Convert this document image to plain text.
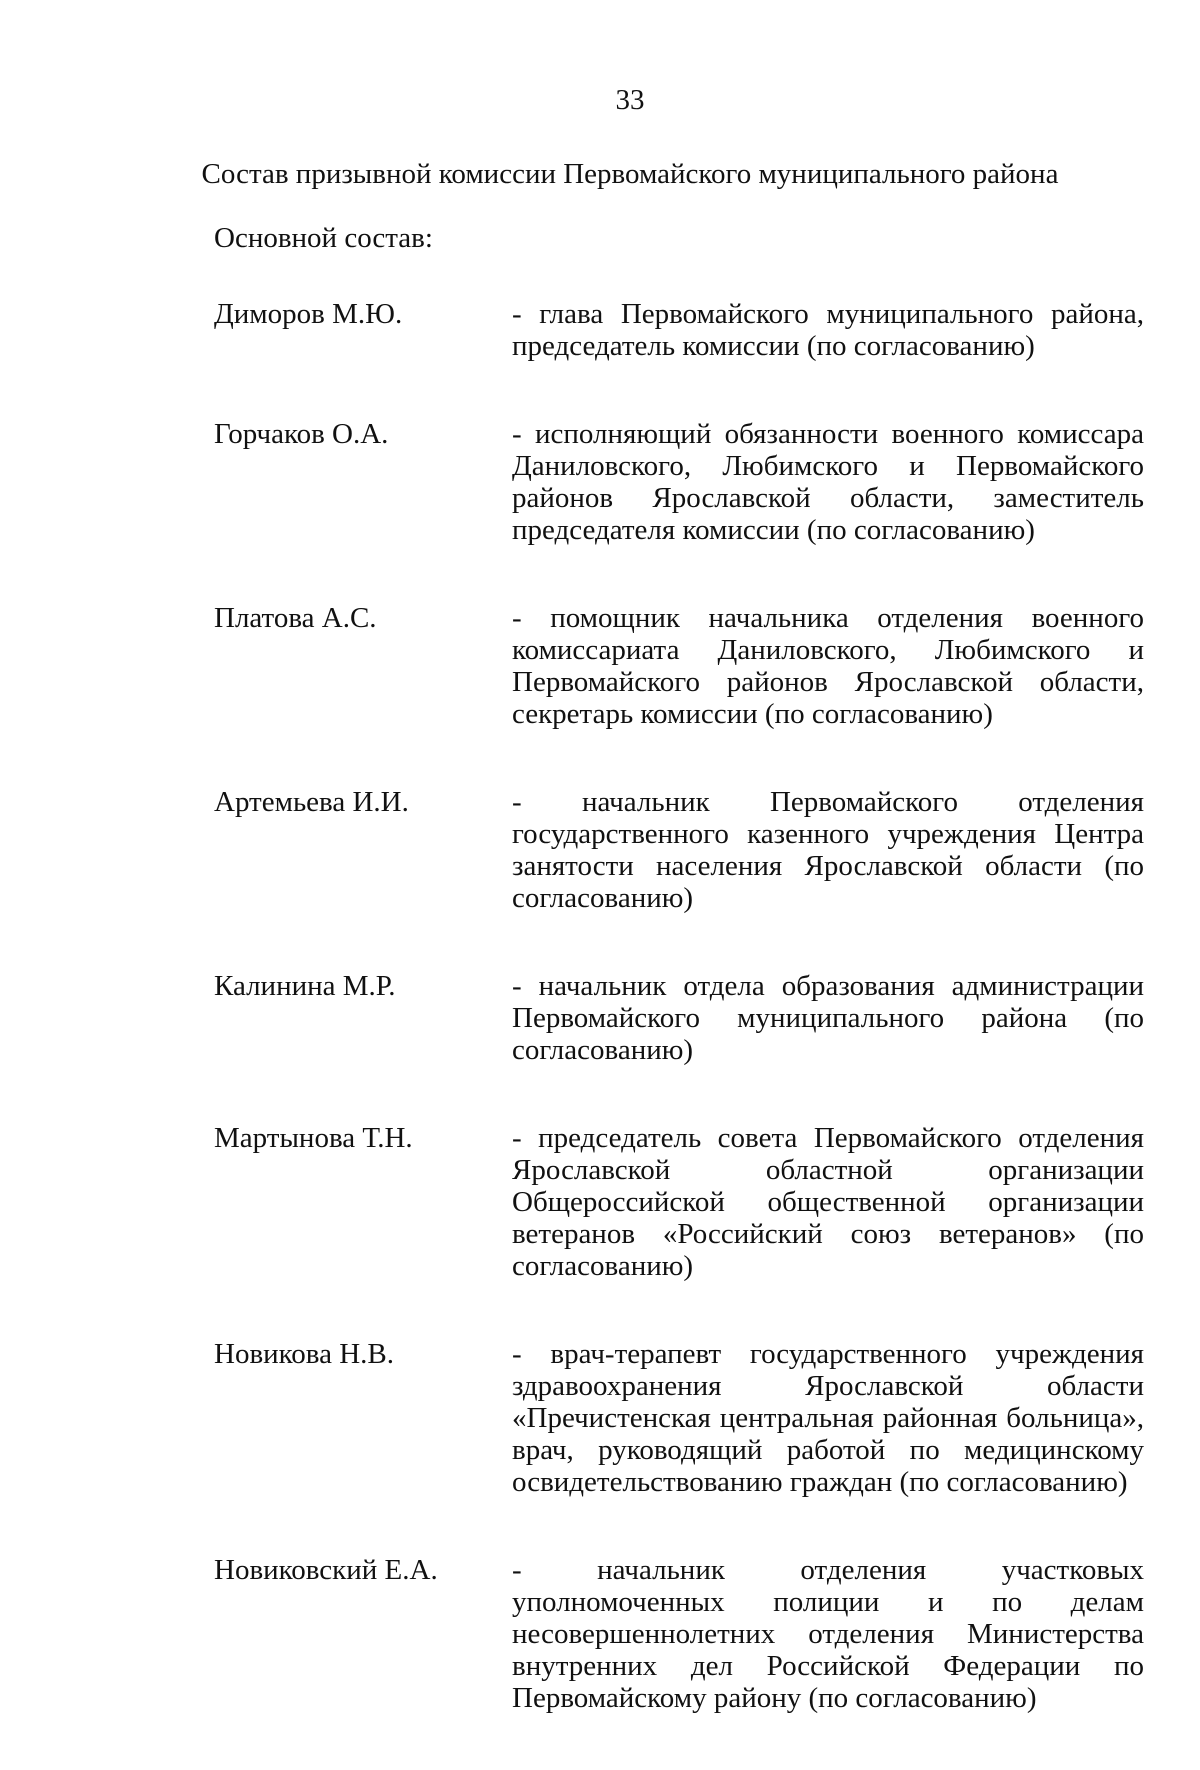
33
Состав призывной комиссии Первомайского муниципального района
Основной состав:
Диморов М.Ю.	- глава Первомайского муниципального района, председатель комиссии (по согласованию)
Горчаков О.А.	- исполняющий обязанности военного комиссара Даниловского, Любимского и Первомайского районов Ярославской области, заместитель председателя комиссии (по согласованию)
Платова А.С.	- помощник начальника отделения военного комиссариата Даниловского, Любимского и Первомайского районов Ярославской области, секретарь комиссии (по согласованию)
Артемьева И.И.	- начальник Первомайского отделения государственного казенного учреждения Центра занятости населения Ярославской области (по согласованию)
Калинина М.Р.	- начальник отдела образования администрации Первомайского муниципального района (по согласованию)
Мартынова Т.Н.	- председатель совета Первомайского отделения Ярославской областной организации Общероссийской общественной организации ветеранов «Российский союз ветеранов» (по согласованию)
Новикова Н.В.	- врач-терапевт государственного учреждения здравоохранения Ярославской области «Пречистенская центральная районная больница», врач, руководящий работой по медицинскому освидетельствованию граждан (по согласованию)
Новиковский Е.А.	- начальник отделения участковых уполномоченных полиции и по делам несовершеннолетних отделения Министерства внутренних дел Российской Федерации по Первомайскому району (по согласованию)
